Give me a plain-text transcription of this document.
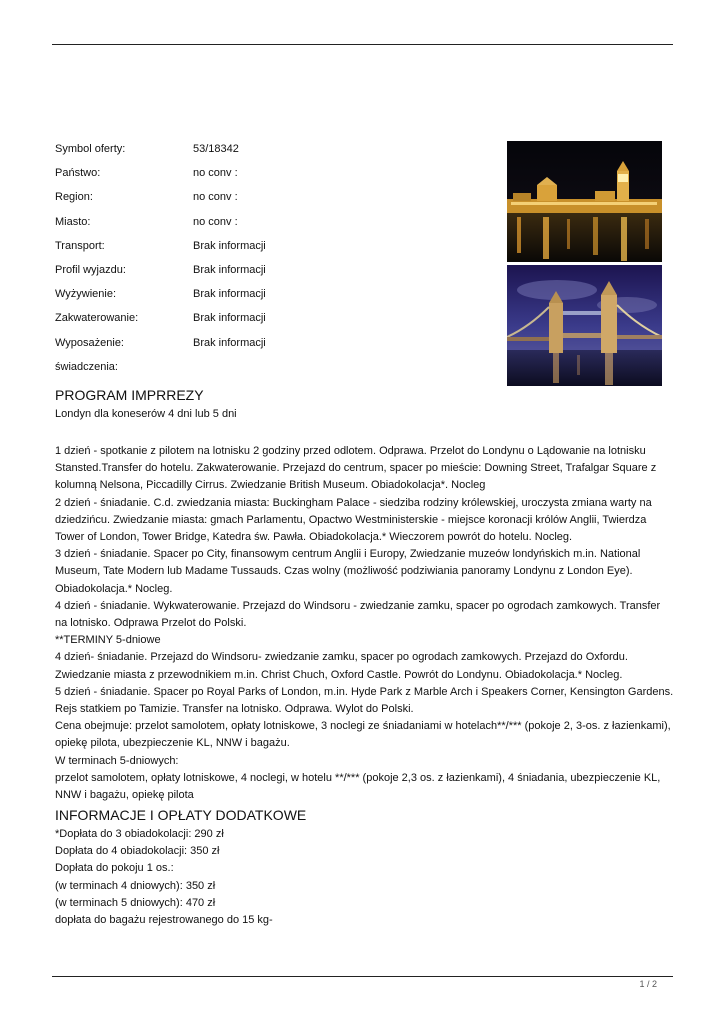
Symbol oferty:	53/18342
Państwo:	no conv :
Region:	no conv :
Miasto:	no conv :
Transport:	Brak informacji
Profil wyjazdu:	Brak informacji
Wyżywienie:	Brak informacji
Zakwaterowanie:	Brak informacji
Wyposażenie:	Brak informacji
świadczenia:
PROGRAM IMPRREZY
Londyn dla koneserów 4 dni lub 5 dni

1 dzień - spotkanie z pilotem na lotnisku 2 godziny przed odlotem. Odprawa. Przelot do Londynu o Lądowanie na lotnisku Stansted.Transfer do hotelu. Zakwaterowanie. Przejazd do centrum, spacer po mieście: Downing Street, Trafalgar Square z kolumną Nelsona, Piccadilly Cirrus. Zwiedzanie British Museum. Obiadokolacja*. Nocleg

2 dzień - śniadanie. C.d. zwiedzania miasta: Buckingham Palace - siedziba rodziny królewskiej, uroczysta zmiana warty na dziedzińcu. Zwiedzanie miasta: gmach Parlamentu, Opactwo Westministerskie - miejsce koronacji królów Anglii, Twierdza Tower of London, Tower Bridge, Katedra św. Pawła. Obiadokolacja.* Wieczorem powrót do hotelu. Nocleg.

3 dzień - śniadanie. Spacer po City, finansowym centrum Anglii i Europy, Zwiedzanie muzeów londyńskich m.in. National Museum, Tate Modern lub Madame Tussauds. Czas wolny (możliwość podziwiania panoramy Londynu z London Eye). Obiadokolacja.* Nocleg.

4 dzień - śniadanie. Wykwaterowanie. Przejazd do Windsoru - zwiedzanie zamku, spacer po ogrodach zamkowych. Transfer na lotnisko. Odprawa Przelot do Polski.

**TERMINY 5-dniowe

4 dzień- śniadanie. Przejazd do Windsoru- zwiedzanie zamku, spacer po ogrodach zamkowych. Przejazd do Oxfordu. Zwiedzanie miasta z przewodnikiem m.in. Christ Chuch, Oxford Castle. Powrót do Londynu. Obiadokolacja.* Nocleg.

5 dzień - śniadanie. Spacer po Royal Parks of London, m.in. Hyde Park z Marble Arch i Speakers Corner, Kensington Gardens. Rejs statkiem po Tamizie. Transfer na lotnisko. Odprawa. Wylot do Polski.

Cena obejmuje: przelot samolotem, opłaty lotniskowe, 3 noclegi ze śniadaniami w hotelach**/*** (pokoje 2, 3-os. z łazienkami), opiekę pilota, ubezpieczenie KL, NNW i bagażu.

W terminach 5-dniowych:

przelot samolotem, opłaty lotniskowe, 4 noclegi, w hotelu **/*** (pokoje 2,3 os. z łazienkami), 4 śniadania, ubezpieczenie KL, NNW i bagażu, opiekę pilota

INFORMACJE I OPŁATY DODATKOWE

*Dopłata do 3 obiadokolacji: 290 zł

Dopłata do 4 obiadokolacji: 350 zł

Dopłata do pokoju 1 os.:

(w terminach 4 dniowych): 350 zł

(w terminach 5 dniowych): 470 zł

dopłata do bagażu rejestrowanego do 15 kg-

1 / 2
